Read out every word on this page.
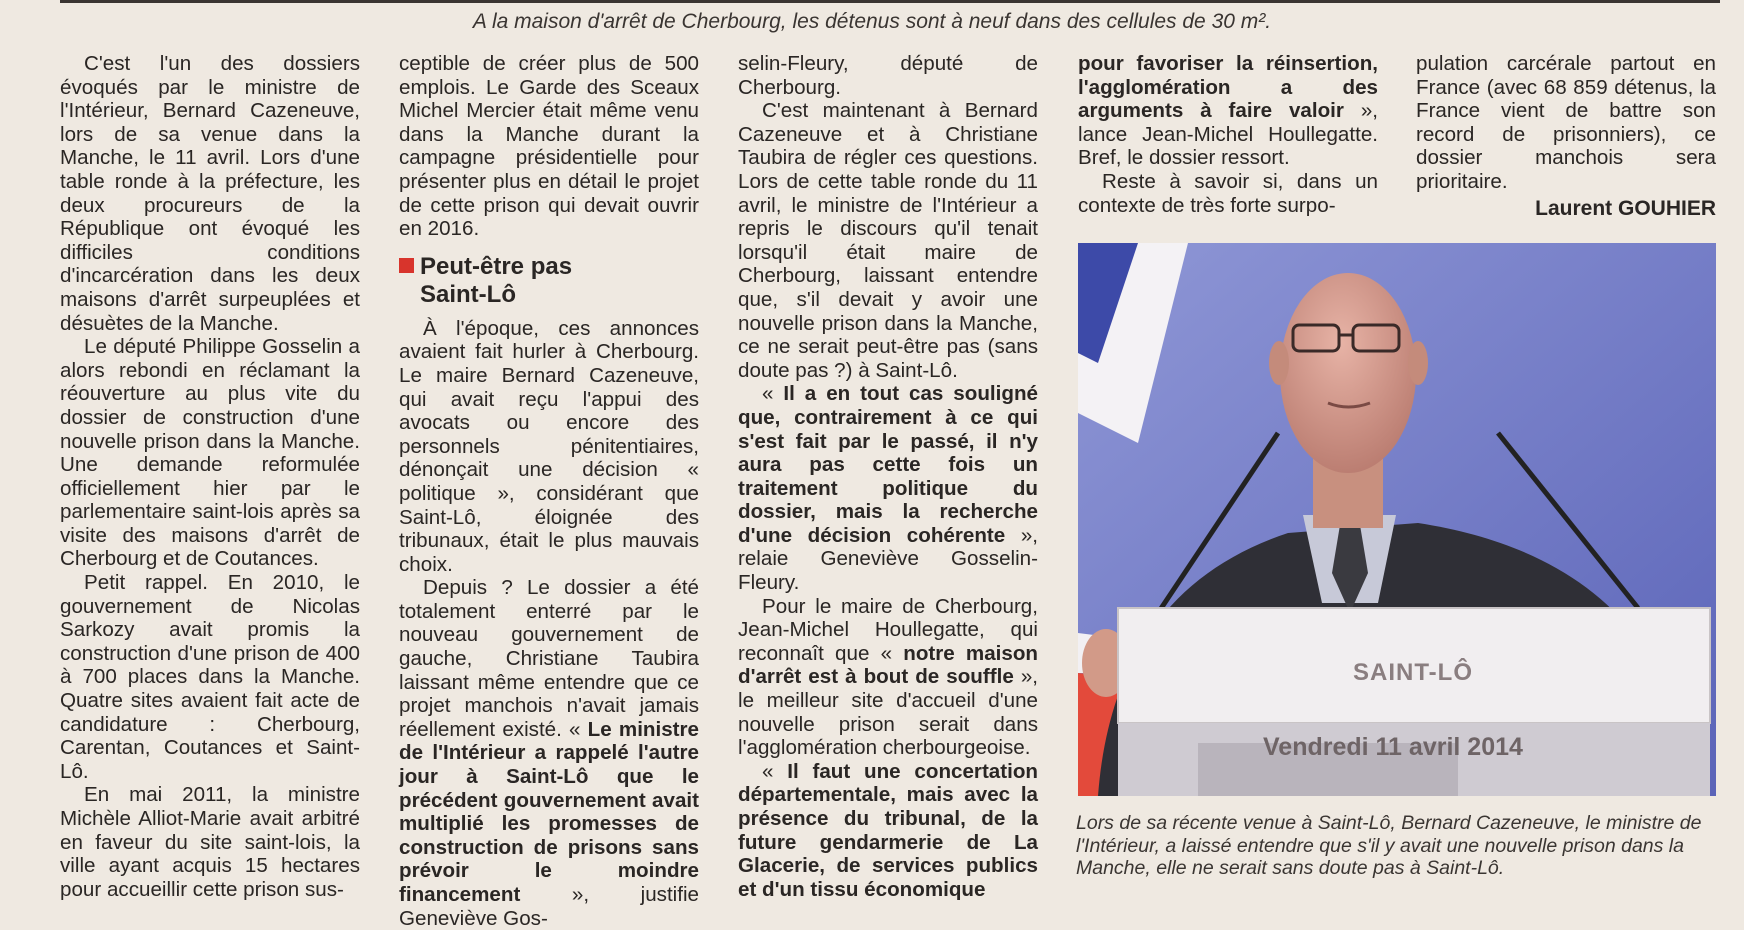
A la maison d'arrêt de Cherbourg, les détenus sont à neuf dans des cellules de 30 m².

C'est l'un des dossiers évoqués par le ministre de l'Intérieur, Bernard Cazeneuve, lors de sa venue dans la Manche, le 11 avril. Lors d'une table ronde à la préfecture, les deux procureurs de la République ont évoqué les difficiles conditions d'incarcération dans les deux maisons d'arrêt surpeuplées et désuètes de la Manche.

Le député Philippe Gosselin a alors rebondi en réclamant la réouverture au plus vite du dossier de construction d'une nouvelle prison dans la Manche. Une demande reformulée officiellement hier par le parlementaire saint-lois après sa visite des maisons d'arrêt de Cherbourg et de Coutances.

Petit rappel. En 2010, le gouvernement de Nicolas Sarkozy avait promis la construction d'une prison de 400 à 700 places dans la Manche. Quatre sites avaient fait acte de candidature : Cherbourg, Carentan, Coutances et Saint-Lô.

En mai 2011, la ministre Michèle Alliot-Marie avait arbitré en faveur du site saint-lois, la ville ayant acquis 15 hectares pour accueillir cette prison sus-

ceptible de créer plus de 500 emplois. Le Garde des Sceaux Michel Mercier était même venu dans la Manche durant la campagne présidentielle pour présenter plus en détail le projet de cette prison qui devait ouvrir en 2016.

Peut-être pas
Saint-Lô

À l'époque, ces annonces avaient fait hurler à Cherbourg. Le maire Bernard Cazeneuve, qui avait reçu l'appui des avocats ou encore des personnels pénitentiaires, dénonçait une décision « politique », considérant que Saint-Lô, éloignée des tribunaux, était le plus mauvais choix.

Depuis ? Le dossier a été totalement enterré par le nouveau gouvernement de gauche, Christiane Taubira laissant même entendre que ce projet manchois n'avait jamais réellement existé. « Le ministre de l'Intérieur a rappelé l'autre jour à Saint-Lô que le précédent gouvernement avait multiplié les promesses de construction de prisons sans prévoir le moindre financement », justifie Geneviève Gos-

selin-Fleury, député de Cherbourg.

C'est maintenant à Bernard Cazeneuve et à Christiane Taubira de régler ces questions. Lors de cette table ronde du 11 avril, le ministre de l'Intérieur a repris le discours qu'il tenait lorsqu'il était maire de Cherbourg, laissant entendre que, s'il devait y avoir une nouvelle prison dans la Manche, ce ne serait peut-être pas (sans doute pas ?) à Saint-Lô.

« Il a en tout cas souligné que, contrairement à ce qui s'est fait par le passé, il n'y aura pas cette fois un traitement politique du dossier, mais la recherche d'une décision cohérente », relaie Geneviève Gosselin-Fleury.

Pour le maire de Cherbourg, Jean-Michel Houllegatte, qui reconnaît que « notre maison d'arrêt est à bout de souffle », le meilleur site d'accueil d'une nouvelle prison serait dans l'agglomération cherbourgeoise.

« Il faut une concertation départementale, mais avec la présence du tribunal, de la future gendarmerie de La Glacerie, de services publics et d'un tissu économique

pour favoriser la réinsertion, l'agglomération a des arguments à faire valoir », lance Jean-Michel Houllegatte. Bref, le dossier ressort.

Reste à savoir si, dans un contexte de très forte surpo-

pulation carcérale partout en France (avec 68 859 détenus, la France vient de battre son record de prisonniers), ce dossier manchois sera prioritaire.

Laurent GOUHIER
SAINT-LÔ
Vendredi 11 avril 2014
Lors de sa récente venue à Saint-Lô, Bernard Cazeneuve, le ministre de l'Intérieur, a laissé entendre que s'il y avait une nouvelle prison dans la Manche, elle ne serait sans doute pas à Saint-Lô.
